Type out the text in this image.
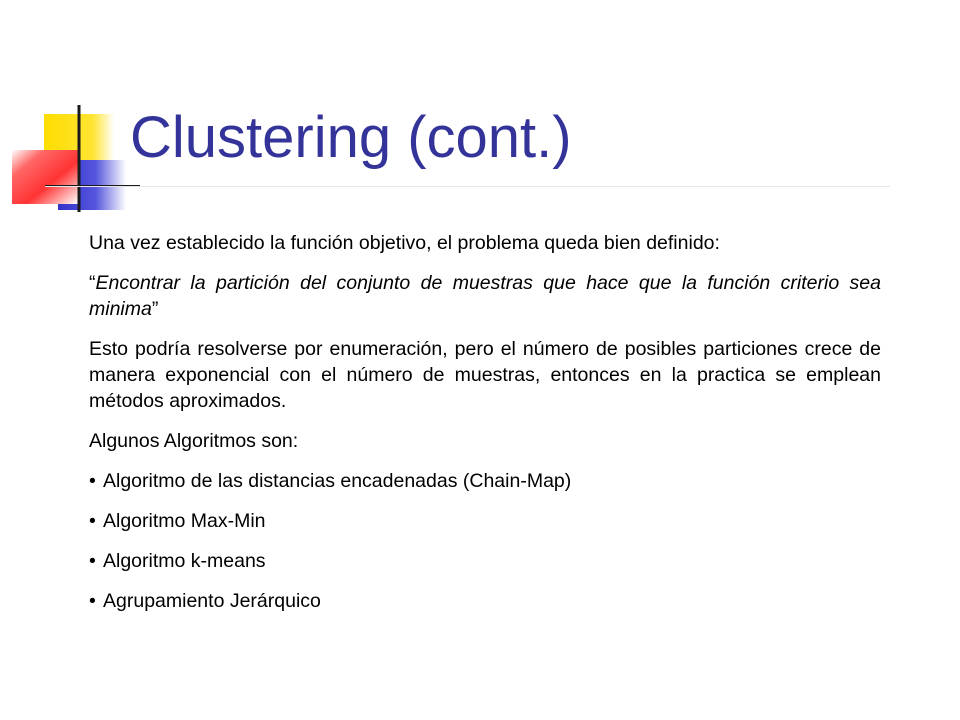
Clustering (cont.)

Una vez establecido la función objetivo, el problema queda bien definido:

“Encontrar la partición del conjunto de muestras que hace que la función criterio sea minima”

Esto podría resolverse por enumeración, pero el número de posibles particiones crece de manera exponencial con el número de muestras, entonces en la practica se emplean métodos aproximados.

Algunos Algoritmos son:

• Algoritmo de las distancias encadenadas (Chain-Map)
• Algoritmo Max-Min
• Algoritmo k-means
• Agrupamiento Jerárquico
